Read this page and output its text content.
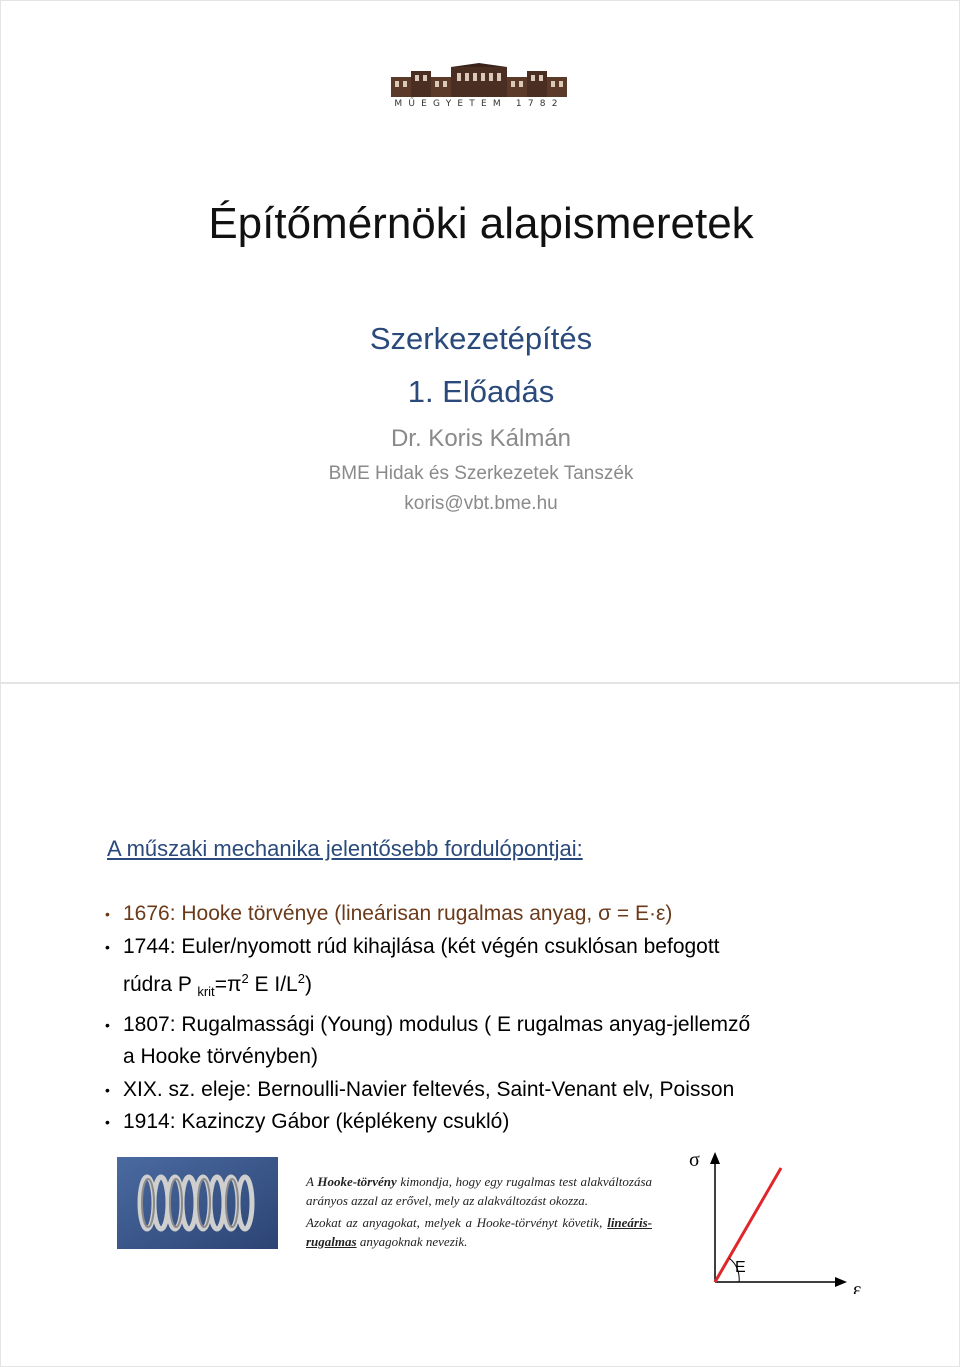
MŰEGYETEM 1782
Építőmérnöki alapismeretek
Szerkezetépítés
1. Előadás
Dr. Koris Kálmán
BME Hidak és Szerkezetek Tanszék
koris@vbt.bme.hu
A műszaki mechanika jelentősebb fordulópontjai:
• 1676: Hooke törvénye (lineárisan rugalmas anyag, σ = E·ε)
• 1744: Euler/nyomott rúd kihajlása (két végén csuklósan befogott
rúdra P $_{krit}=\pi^2$ E $I/L^2$)
• 1807: Rugalmassági (Young) modulus ( E rugalmas anyag-jellemző
a Hooke törvényben)
• XIX. sz. eleje: Bernoulli-Navier feltevés, Saint-Venant elv, Poisson
• 1914: Kazinczy Gábor (képlékeny csukló)

A Hooke-törvény kimondja, hogy egy rugalmas test alakváltozása arányos azzal az erővel, mely az alakváltozást okozza.

Azokat az anyagokat, melyek a Hooke-törvényt követik, lineáris-rugalmas anyagoknak nevezik.

σ
ε
E
